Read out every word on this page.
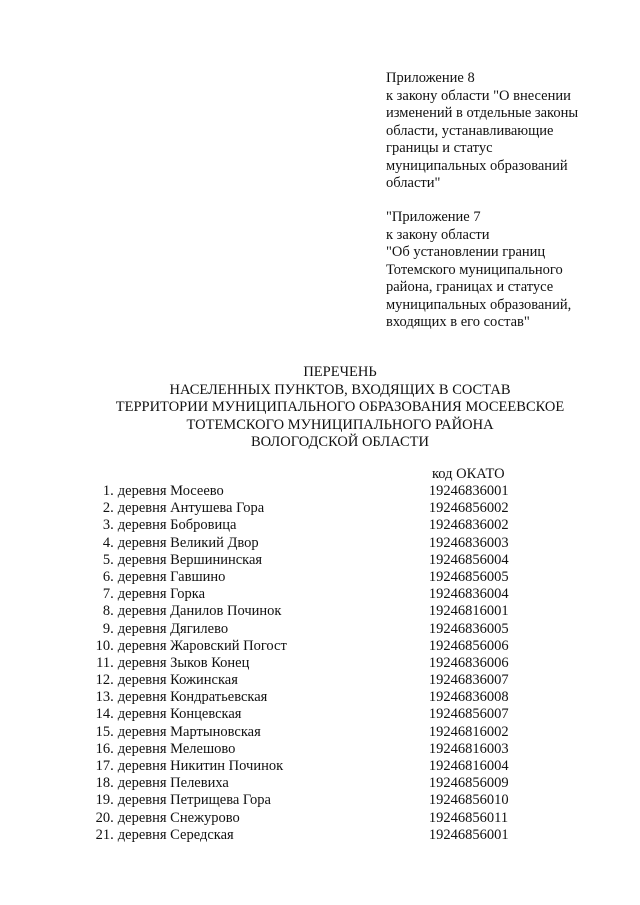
Приложение 8
к закону области "О внесении
изменений в отдельные законы
области, устанавливающие
границы и статус
муниципальных образований
области"
"Приложение 7
к закону области
"Об установлении границ
Тотемского муниципального
района, границах и статусе
муниципальных образований,
входящих в его состав"
ПЕРЕЧЕНЬ
НАСЕЛЕННЫХ ПУНКТОВ, ВХОДЯЩИХ В СОСТАВ
ТЕРРИТОРИИ МУНИЦИПАЛЬНОГО ОБРАЗОВАНИЯ МОСЕЕВСКОЕ
ТОТЕМСКОГО МУНИЦИПАЛЬНОГО РАЙОНА
ВОЛОГОДСКОЙ ОБЛАСТИ
код ОКАТО
1. деревня Мосеево	19246836001
2. деревня Антушева Гора	19246856002
3. деревня Бобровица	19246836002
4. деревня Великий Двор	19246836003
5. деревня Вершининская	19246856004
6. деревня Гавшино	19246856005
7. деревня Горка	19246836004
8. деревня Данилов Починок	19246816001
9. деревня Дягилево	19246836005
10. деревня Жаровский Погост	19246856006
11. деревня Зыков Конец	19246836006
12. деревня Кожинская	19246836007
13. деревня Кондратьевская	19246836008
14. деревня Концевская	19246856007
15. деревня Мартыновская	19246816002
16. деревня Мелешово	19246816003
17. деревня Никитин Починок	19246816004
18. деревня Пелевиха	19246856009
19. деревня Петрищева Гора	19246856010
20. деревня Снежурово	19246856011
21. деревня Середская	19246856001
